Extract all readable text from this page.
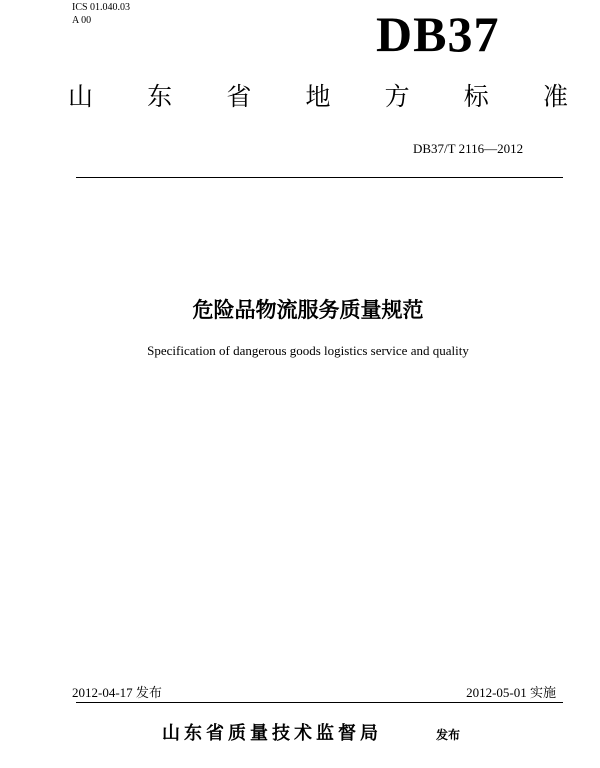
ICS 01.040.03
A 00	DB37
山 东 省 地 方 标 准
DB37/T 2116—2012
危险品物流服务质量规范
Specification of dangerous goods logistics service and quality
2012-04-17 发布	2012-05-01 实施
山东省质量技术监督局	发布
